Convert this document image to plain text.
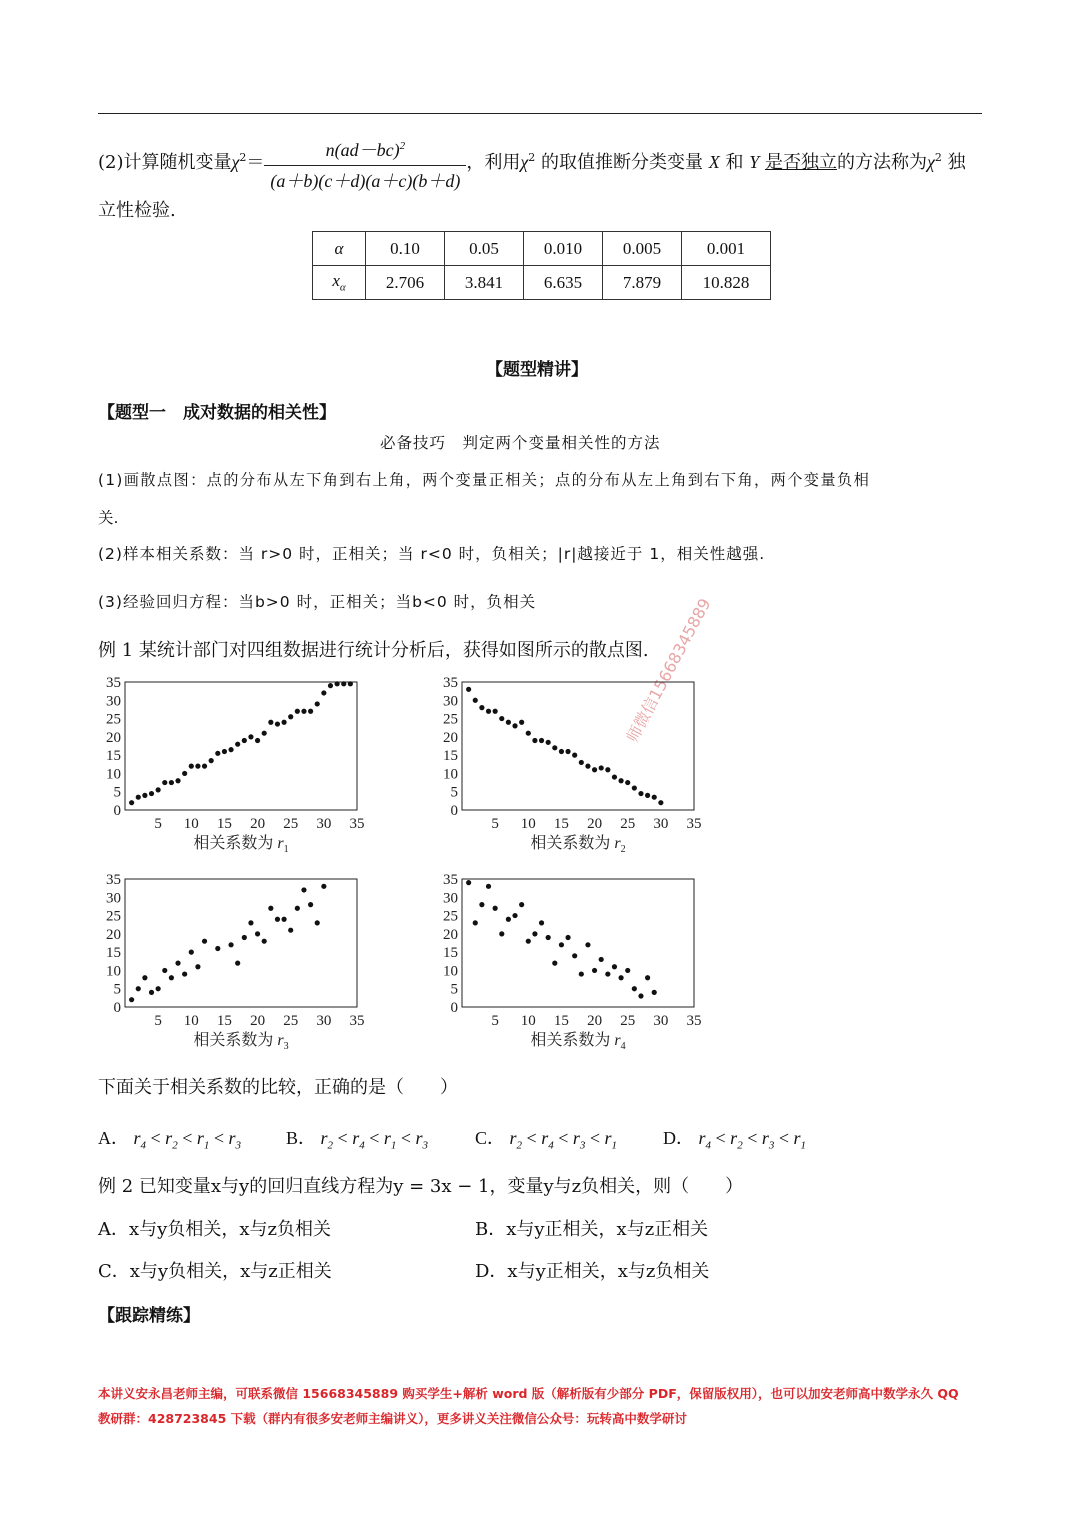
(2)计算随机变量$\chi^2= \frac{n(ad-bc)^2}{(a+b)(c+d)(a+c)(b+d)}$ ，利用$\chi^2$ 的取值推断分类变量 X 和 Y 是否独立的方法称为$\chi^2$ 独
立性检验.
α	0.10	0.05	0.010	0.005	0.001
$x_\alpha$	2.706	3.841	6.635	7.879	10.828
【题型精讲】
【题型一　成对数据的相关性】
必备技巧　判定两个变量相关性的方法
(1)画散点图：点的分布从左下角到右上角，两个变量正相关；点的分布从左上角到右下角，两个变量负相
关.
(2)样本相关系数：当 r>0 时，正相关；当 r<0 时，负相关；|r|越接近于 1，相关性越强.
(3)经验回归方程：当b>0 时，正相关；当b<0 时，负相关	师微信15668345889
例 1 某统计部门对四组数据进行统计分析后，获得如图所示的散点图.
0
5
10
15
20
25
30
35
5 10 15 20 25 30 35
相关系数为 $r_1$
0
5
10
15
20
25
30
35
5 10 15 20 25 30 35
相关系数为 $r_2$
0
5
10
15
20
25
30
35
5 10 15 20 25 30 35
相关系数为 $r_3$
0
5
10
15
20
25
30
35
5 10 15 20 25 30 35
相关系数为 $r_4$
下面关于相关系数的比较，正确的是（　　）
A． $r_4 < r_2 < r_1 < r_3$ B． $r_2 < r_4 < r_1 < r_3$	C． $r_2 < r_4 < r_3 < r_1$	D． $r_4 < r_2 < r_3 < r_1$
例 2 已知变量x与y的回归直线方程为y = 3x − 1，变量y与z负相关，则（　　）
A．x与y负相关，x与z负相关	B．x与y正相关，x与z正相关
C．x与y负相关，x与z正相关	D．x与y正相关，x与z负相关
【跟踪精练】
本讲义安永昌老师主编，可联系微信 15668345889 购买学生+解析 word 版（解析版有少部分 PDF，保留版权用），也可以加安老师高中数学永久 QQ
教研群：428723845 下载（群内有很多安老师主编讲义），更多讲义关注微信公众号：玩转高中数学研讨
